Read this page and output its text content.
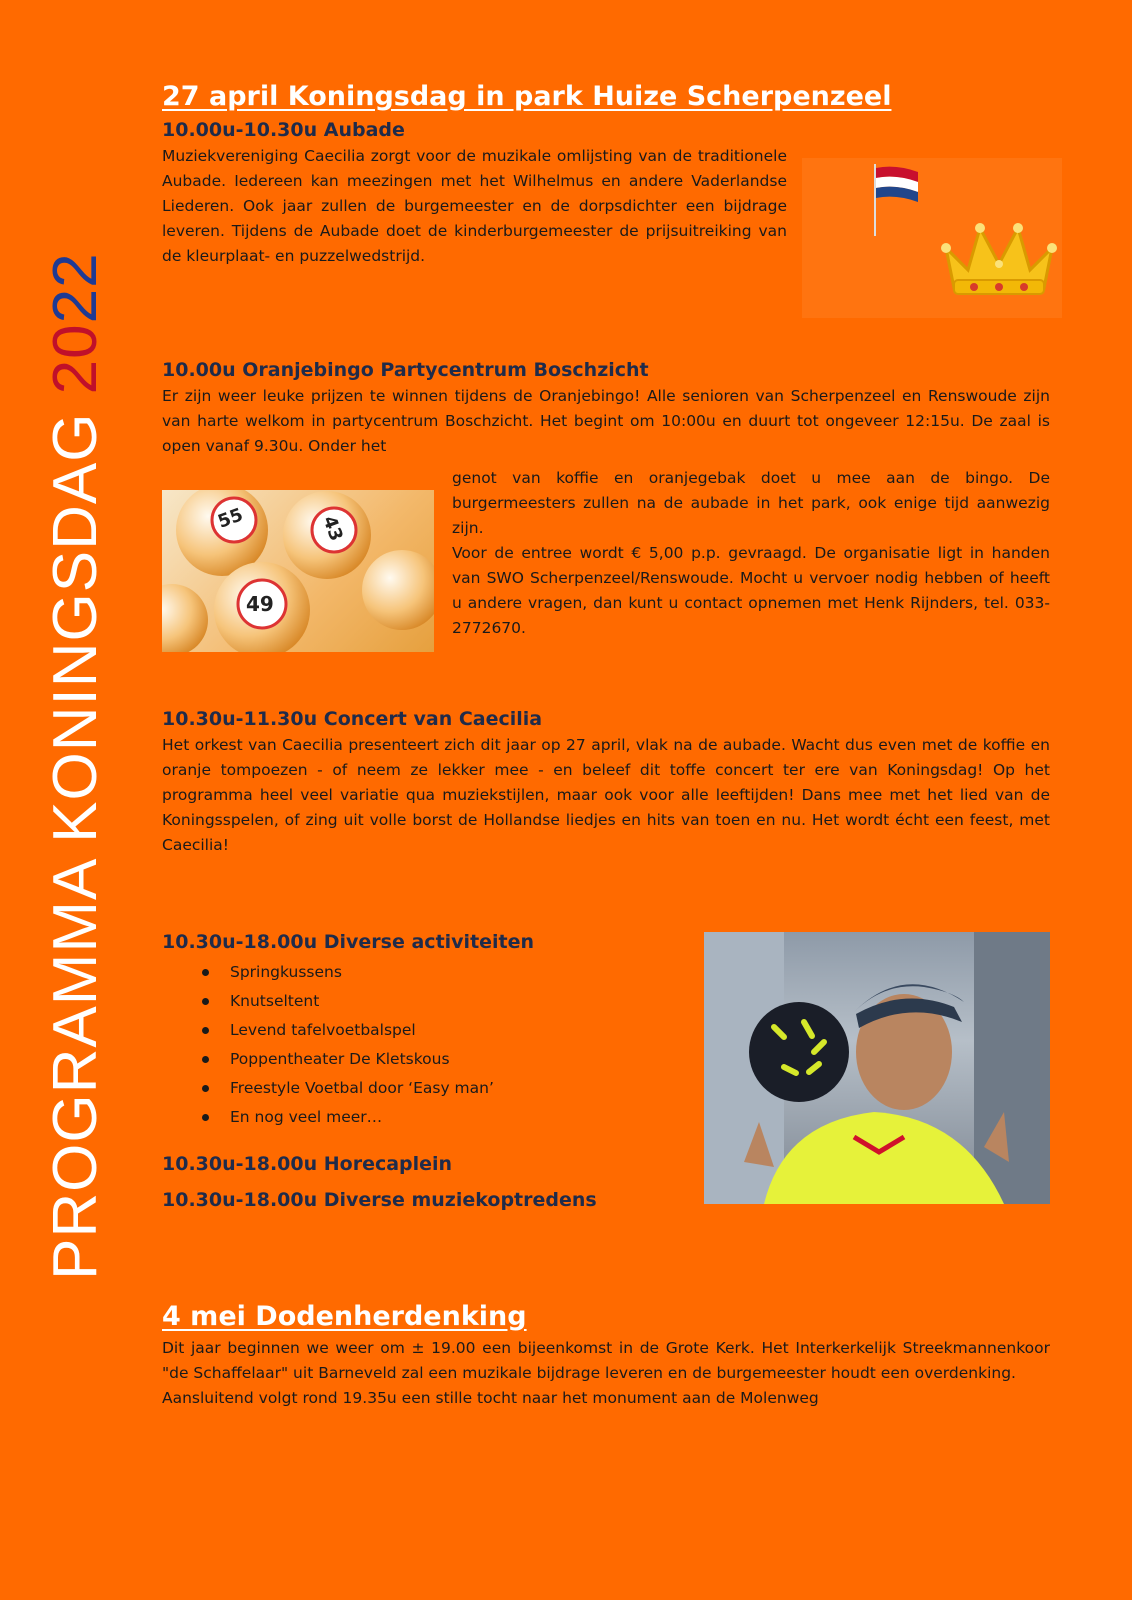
PROGRAMMA KONINGSDAG 2022
27 april Koningsdag in park Huize Scherpenzeel
10.00u-10.30u Aubade

Muziekvereniging Caecilia zorgt voor de muzikale omlijsting van de traditionele Aubade. Iedereen kan meezingen met het Wilhelmus en andere Vaderlandse Liederen. Ook jaar zullen de burgemeester en de dorpsdichter een bijdrage leveren. Tijdens de Aubade doet de kinderburgemeester de prijsuitreiking van de kleurplaat- en puzzelwedstrijd.

10.00u Oranjebingo Partycentrum Boschzicht

Er zijn weer leuke prijzen te winnen tijdens de Oranjebingo! Alle senioren van Scherpenzeel en Renswoude zijn van harte welkom in partycentrum Boschzicht. Het begint om 10:00u en duurt tot ongeveer 12:15u. De zaal is open vanaf 9.30u. Onder het

55	43
49

genot van koffie en oranjegebak doet u mee aan de bingo. De burgermeesters zullen na de aubade in het park, ook enige tijd aanwezig zijn.

Voor de entree wordt € 5,00 p.p. gevraagd. De organisatie ligt in handen van SWO Scherpenzeel/Renswoude. Mocht u vervoer nodig hebben of heeft u andere vragen, dan kunt u contact opnemen met Henk Rijnders, tel. 033-2772670.

10.30u-11.30u Concert van Caecilia

Het orkest van Caecilia presenteert zich dit jaar op 27 april, vlak na de aubade. Wacht dus even met de koffie en oranje tompoezen - of neem ze lekker mee - en beleef dit toffe concert ter ere van Koningsdag! Op het programma heel veel variatie qua muziekstijlen, maar ook voor alle leeftijden! Dans mee met het lied van de Koningsspelen, of zing uit volle borst de Hollandse liedjes en hits van toen en nu. Het wordt écht een feest, met Caecilia!

10.30u-18.00u Diverse activiteiten
Springkussens
Knutseltent
Levend tafelvoetbalspel
Poppentheater De Kletskous
Freestyle Voetbal door ‘Easy man’
En nog veel meer…
10.30u-18.00u Horecaplein
10.30u-18.00u Diverse muziekoptredens
4 mei Dodenherdenking

Dit jaar beginnen we weer om ± 19.00 een bijeenkomst in de Grote Kerk. Het Interkerkelijk Streekmannenkoor "de Schaffelaar" uit Barneveld zal een muzikale bijdrage leveren en de burgemeester houdt een overdenking.

Aansluitend volgt rond 19.35u een stille tocht naar het monument aan de Molenweg
